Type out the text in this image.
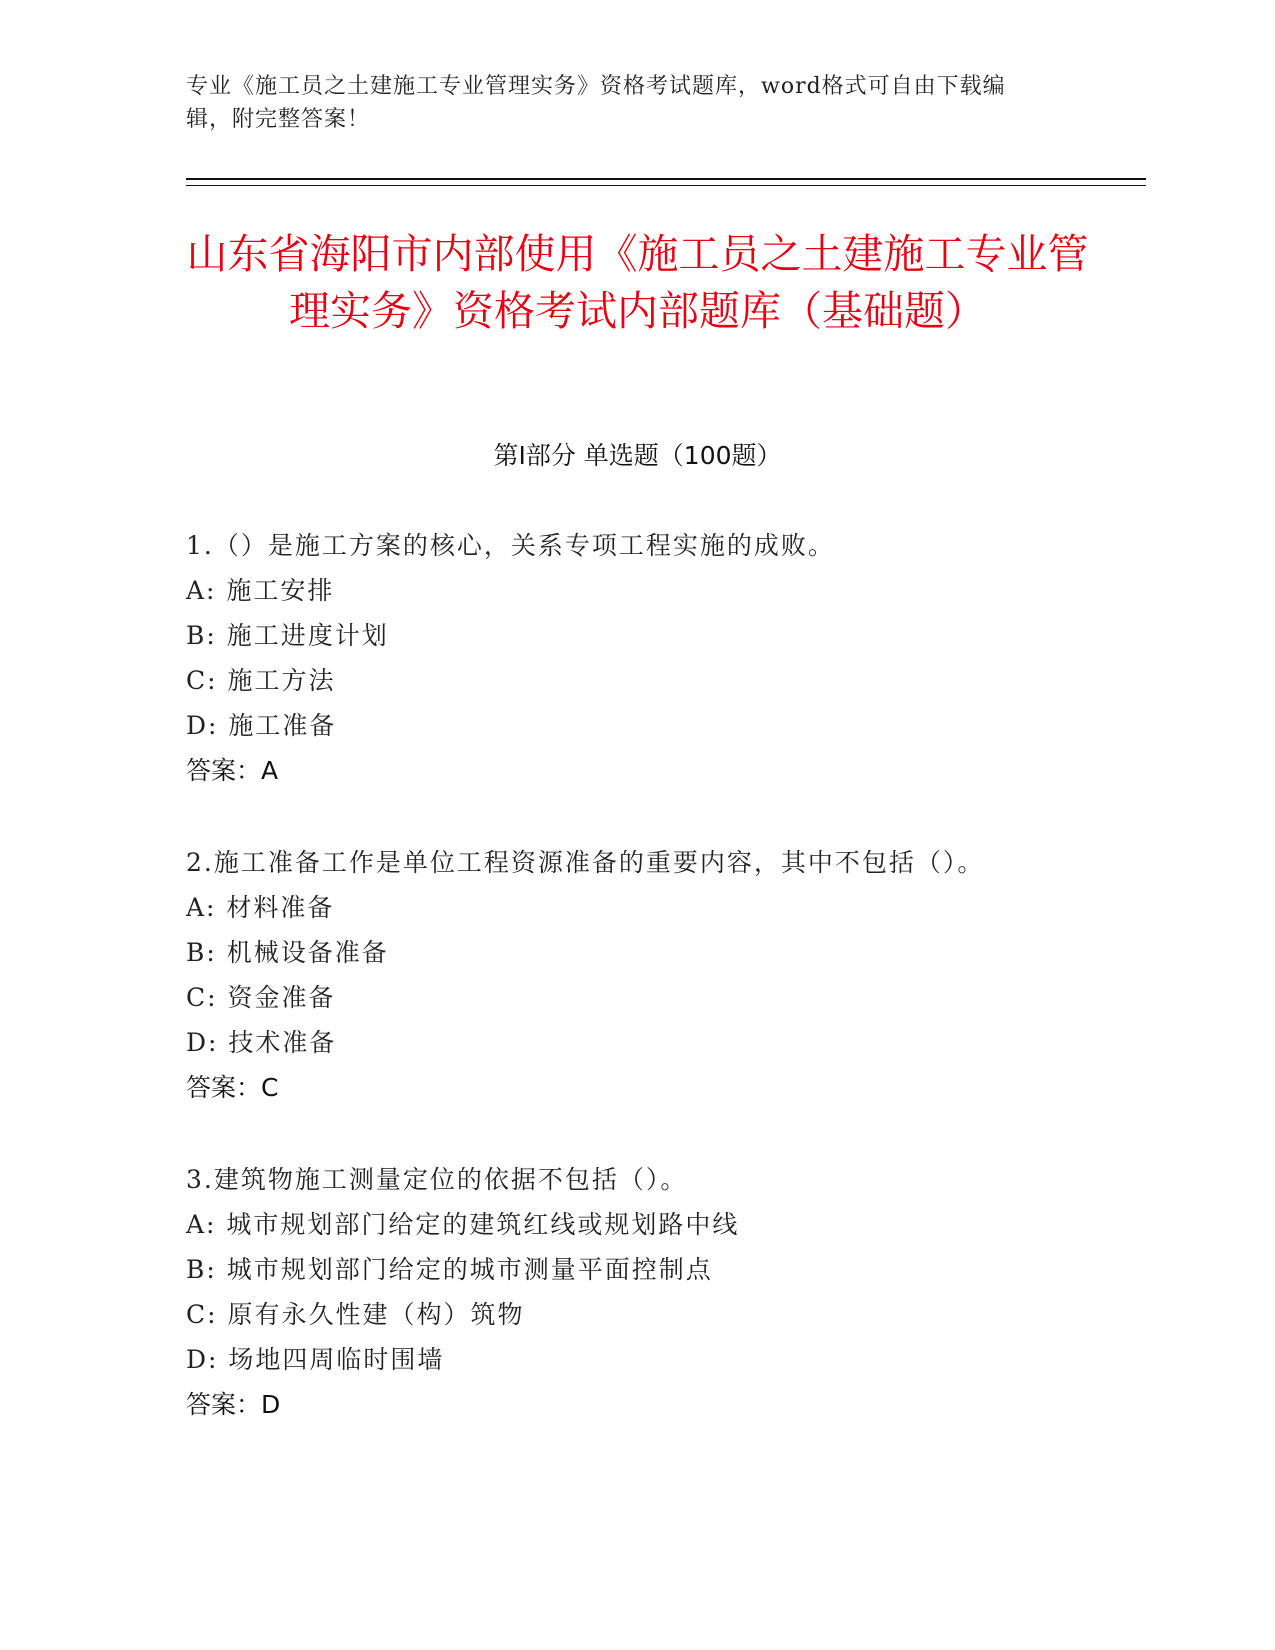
专业《施工员之土建施工专业管理实务》资格考试题库，word格式可自由下载编
辑，附完整答案！
山东省海阳市内部使用《施工员之土建施工专业管理实务》资格考试内部题库（基础题）
第Ⅰ部分 单选题（100题）
1.（）是施工方案的核心，关系专项工程实施的成败。
A: 施工安排
B: 施工进度计划
C: 施工方法
D: 施工准备
答案：A
2.施工准备工作是单位工程资源准备的重要内容，其中不包括（）。
A: 材料准备
B: 机械设备准备
C: 资金准备
D: 技术准备
答案：C
3.建筑物施工测量定位的依据不包括（）。
A: 城市规划部门给定的建筑红线或规划路中线
B: 城市规划部门给定的城市测量平面控制点
C: 原有永久性建（构）筑物
D: 场地四周临时围墙
答案：D
